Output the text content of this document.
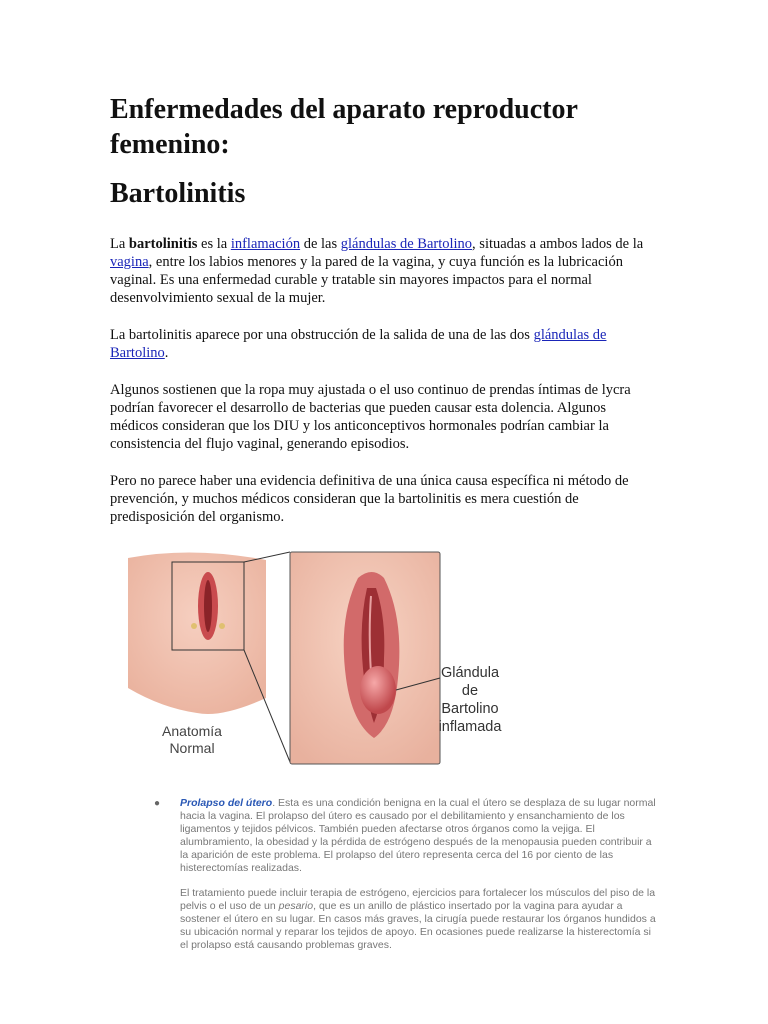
Enfermedades del aparato reproductor femenino:
Bartolinitis

La bartolinitis es la inflamación de las glándulas de Bartolino, situadas a ambos lados de la vagina, entre los labios menores y la pared de la vagina, y cuya función es la lubricación vaginal. Es una enfermedad curable y tratable sin mayores impactos para el normal desenvolvimiento sexual de la mujer.

La bartolinitis aparece por una obstrucción de la salida de una de las dos glándulas de Bartolino.

Algunos sostienen que la ropa muy ajustada o el uso continuo de prendas íntimas de lycra podrían favorecer el desarrollo de bacterias que pueden causar esta dolencia. Algunos médicos consideran que los DIU y los anticonceptivos hormonales podrían cambiar la consistencia del flujo vaginal, generando episodios.

Pero no parece haber una evidencia definitiva de una única causa específica ni método de prevención, y muchos médicos consideran que la bartolinitis es mera cuestión de predisposición del organismo.

Anatomía
Normal
Glándula
de
Bartolino
inflamada
● Prolapso del útero. Esta es una condición benigna en la cual el útero se desplaza de su lugar normal hacia la vagina. El prolapso del útero es causado por el debilitamiento y ensanchamiento de los ligamentos y tejidos pélvicos. También pueden afectarse otros órganos como la vejiga. El alumbramiento, la obesidad y la pérdida de estrógeno después de la menopausia pueden contribuir a la aparición de este problema. El prolapso del útero representa cerca del 16 por ciento de las histerectomías realizadas.

El tratamiento puede incluir terapia de estrógeno, ejercicios para fortalecer los músculos del piso de la pelvis o el uso de un pesario, que es un anillo de plástico insertado por la vagina para ayudar a sostener el útero en su lugar. En casos más graves, la cirugía puede restaurar los órganos hundidos a su ubicación normal y reparar los tejidos de apoyo. En ocasiones puede realizarse la histerectomía si el prolapso está causando problemas graves.
